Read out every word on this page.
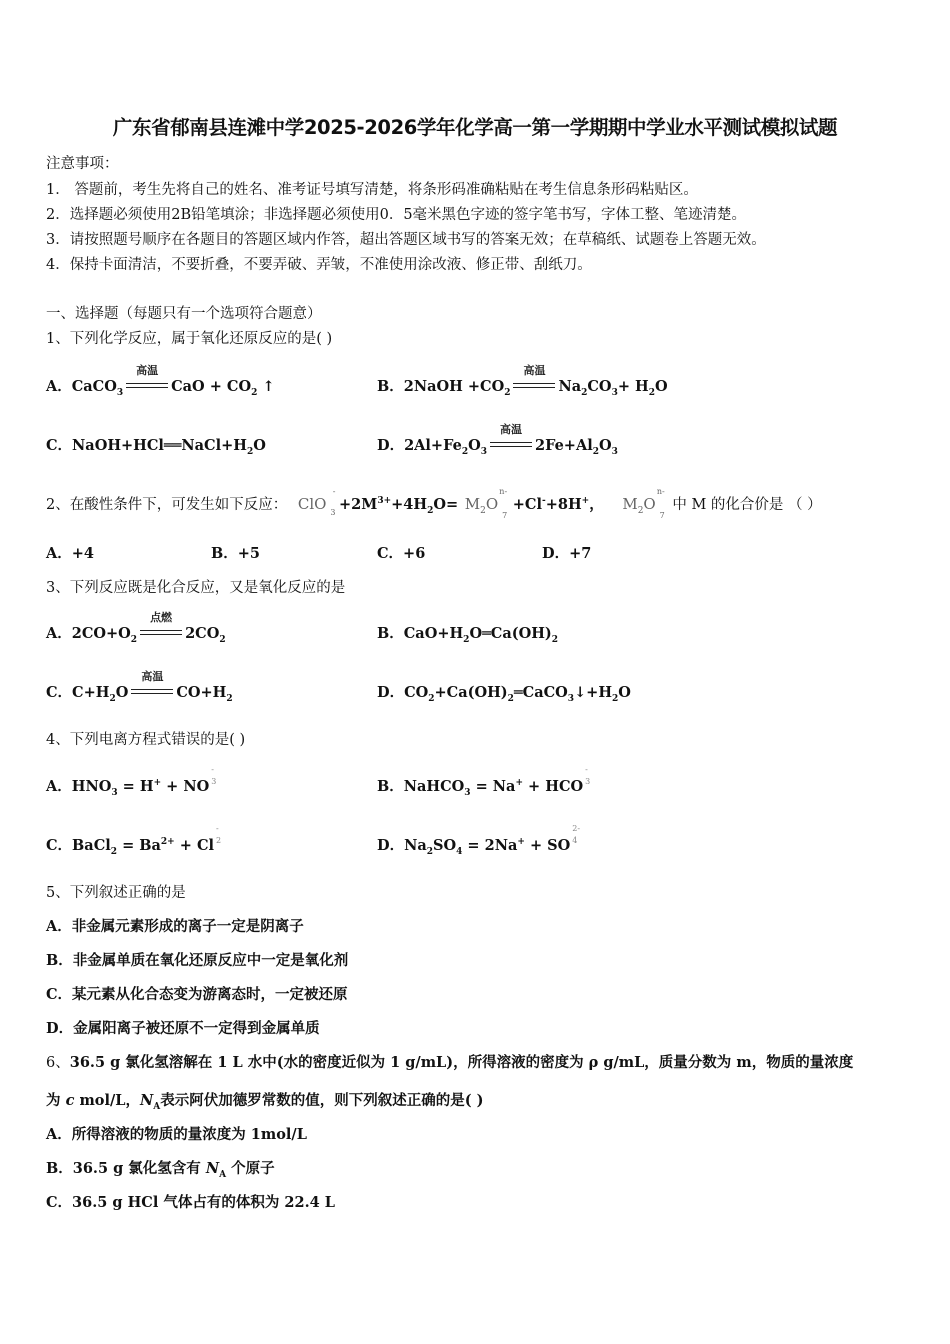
广东省郁南县连滩中学2025-2026学年化学高一第一学期期中学业水平测试模拟试题
注意事项：
1． 答题前，考生先将自己的姓名、准考证号填写清楚，将条形码准确粘贴在考生信息条形码粘贴区。
2．选择题必须使用2B铅笔填涂；非选择题必须使用0．5毫米黑色字迹的签字笔书写，字体工整、笔迹清楚。
3．请按照题号顺序在各题目的答题区域内作答，超出答题区域书写的答案无效；在草稿纸、试题卷上答题无效。
4．保持卡面清洁，不要折叠，不要弄破、弄皱，不准使用涂改液、修正带、刮纸刀。
一、选择题（每题只有一个选项符合题意）
1、下列化学反应，属于氧化还原反应的是( )
A．CaCO$_3$
高温
CaO + $CO_2$ ↑	B．2NaOH $+CO_2$
高温
$Na_2CO_3+ H_2O$
C．$NaOH+HCl══NaCl+H_2O$	D．$2Al+Fe_2O_3$
高温
$2Fe+Al_2O_3$
2、在酸性条件下，可发生如下反应： ClO
-
$3 +2M^{3+}+4H_2O= M_2O$
n-
7
+Cl-+8H+， $M_2O$
n-
7
中 M 的化合价是 （ ）
A．+4	B．+5	C．+6	D．+7
3、下列反应既是化合反应，又是氧化反应的是
A．$2CO+O_2$
点燃
$2CO_2$	B．$CaO+H_2O═Ca(OH)_2$
C．$C+H_2O$
高温
$CO+H_2$	D．$CO_2+Ca(OH)_2═CaCO_3↓+H_2O$
4、下列电离方程式错误的是( )
A．$HNO_3 = H^+$ + NO
-
3	B．NaHCO$_3$ = Na+ + HCO
-
3
C．BaCl$_2$ = $Ba^{2+} + Cl$
-
2	D．$Na_2SO_4 = 2Na^+$ + SO
2-
4
5、下列叙述正确的是
A．非金属元素形成的离子一定是阴离子
B．非金属单质在氧化还原反应中一定是氧化剂
C．某元素从化合态变为游离态时，一定被还原
D．金属阳离子被还原不一定得到金属单质
6、36.5 g 氯化氢溶解在 1 L 水中(水的密度近似为 1 g/mL)，所得溶液的密度为 ρ g/mL，质量分数为 m，物质的量浓度
为 c mol/L，$N_A$表示阿伏加德罗常数的值，则下列叙述正确的是( )
A．所得溶液的物质的量浓度为 1mol/L
B．36.5 g 氯化氢含有 $N_A$ 个原子
C．36.5 g HCl 气体占有的体积为 22.4 L
